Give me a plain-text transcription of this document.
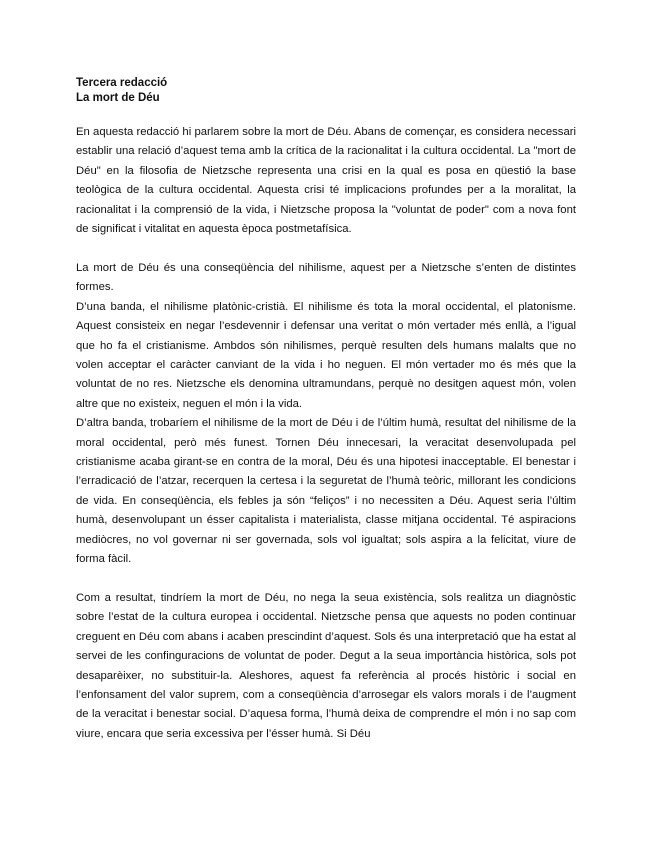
Tercera redacció
La mort de Déu

En aquesta redacció hi parlarem sobre la mort de Déu. Abans de començar, es considera necessari establir una relació d’aquest tema amb la crítica de la racionalitat i la cultura occidental. La "mort de Déu" en la filosofia de Nietzsche representa una crisi en la qual es posa en qüestió la base teològica de la cultura occidental. Aquesta crisi té implicacions profundes per a la moralitat, la racionalitat i la comprensió de la vida, i Nietzsche proposa la "voluntat de poder" com a nova font de significat i vitalitat en aquesta època postmetafísica.

La mort de Déu és una conseqüència del nihilisme, aquest per a Nietzsche s’enten de distintes formes.

D’una banda, el nihilisme platònic-cristià. El nihilisme és tota la moral occidental, el platonisme. Aquest consisteix en negar l’esdevennir i defensar una veritat o món vertader més enllà, a l’igual que ho fa el cristianisme. Ambdos són nihilismes, perquè resulten dels humans malalts que no volen acceptar el caràcter canviant de la vida i ho neguen. El món vertader mo és més que la voluntat de no res. Nietzsche els denomina ultramundans, perquè no desitgen aquest món, volen altre que no existeix, neguen el món i la vida.

D’altra banda, trobaríem el nihilisme de la mort de Déu i de l’últim humà, resultat del nihilisme de la moral occidental, però més funest. Tornen Déu innecesari, la veracitat desenvolupada pel cristianisme acaba girant-se en contra de la moral, Déu és una hipotesi inacceptable. El benestar i l’erradicació de l’atzar, recerquen la certesa i la seguretat de l’humà teòric, millorant les condicions de vida. En conseqüència, els febles ja són “feliços” i no necessiten a Déu. Aquest seria l’últim humà, desenvolupant un ésser capitalista i materialista, classe mitjana occidental. Té aspiracions mediòcres, no vol governar ni ser governada, sols vol igualtat; sols aspira a la felicitat, viure de forma fàcil.

Com a resultat, tindríem la mort de Déu, no nega la seua existència, sols realitza un diagnòstic sobre l’estat de la cultura europea i occidental. Nietzsche pensa que aquests no poden continuar creguent en Déu com abans i acaben prescindint d’aquest. Sols és una interpretació que ha estat al servei de les confinguracions de voluntat de poder. Degut a la seua importància històrica, sols pot desaparèixer, no substituir-la. Aleshores, aquest fa referència al procés històric i social en l’enfonsament del valor suprem, com a conseqüència d’arrosegar els valors morals i de l’augment de la veracitat i benestar social. D’aquesa forma, l’humà deixa de comprendre el món i no sap com viure, encara que seria excessiva per l’ésser humà. Si Déu
